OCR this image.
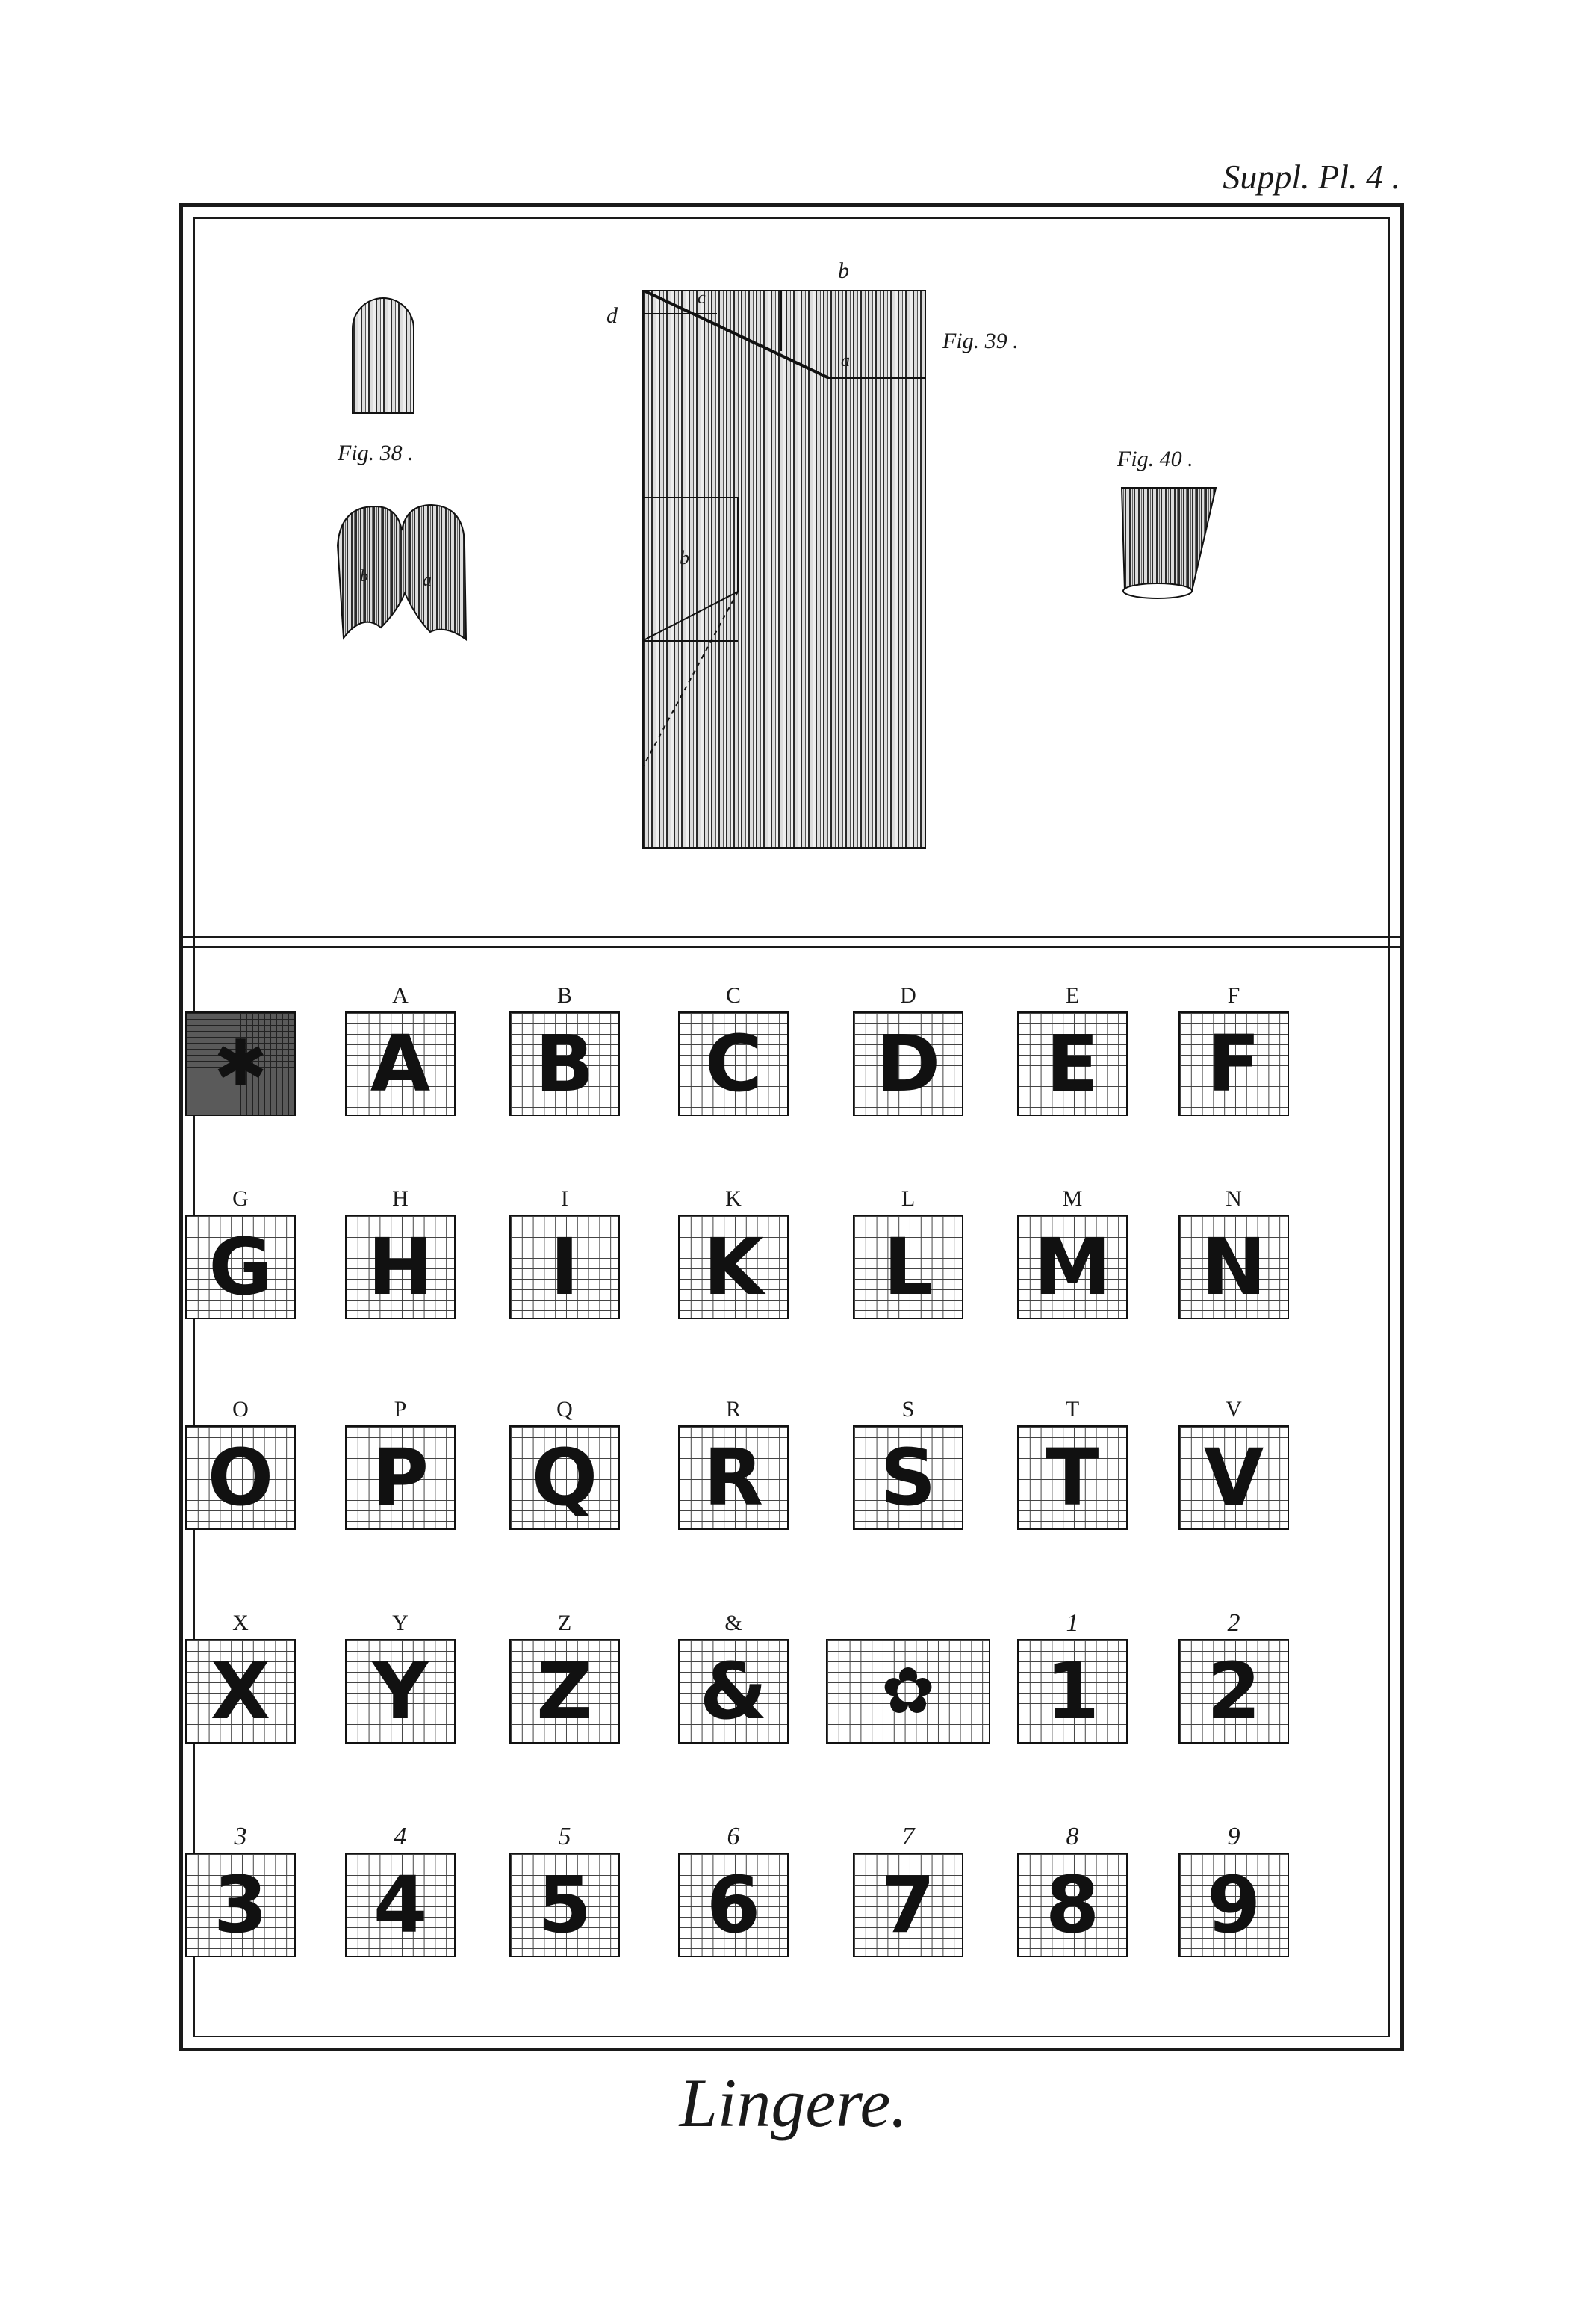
Suppl. Pl. 4 .
Fig. 38 .
b	a
b
d
c
a
b
Fig. 39 .
Fig. 40 .
✱
A
A
B
B
C
C
D
D
E
E
F
F
G
G
H
H
I
I
K
K
L
L
M
M
N
N
O
O
P
P
Q
Q
R
R
S
S
T
T
V
V
X
X
Y
Y
Z
Z
&
&	✿
1
1
2
2
3
3
4
4
5
5
6
6
7
7
8
8
9
9
Lingere.
